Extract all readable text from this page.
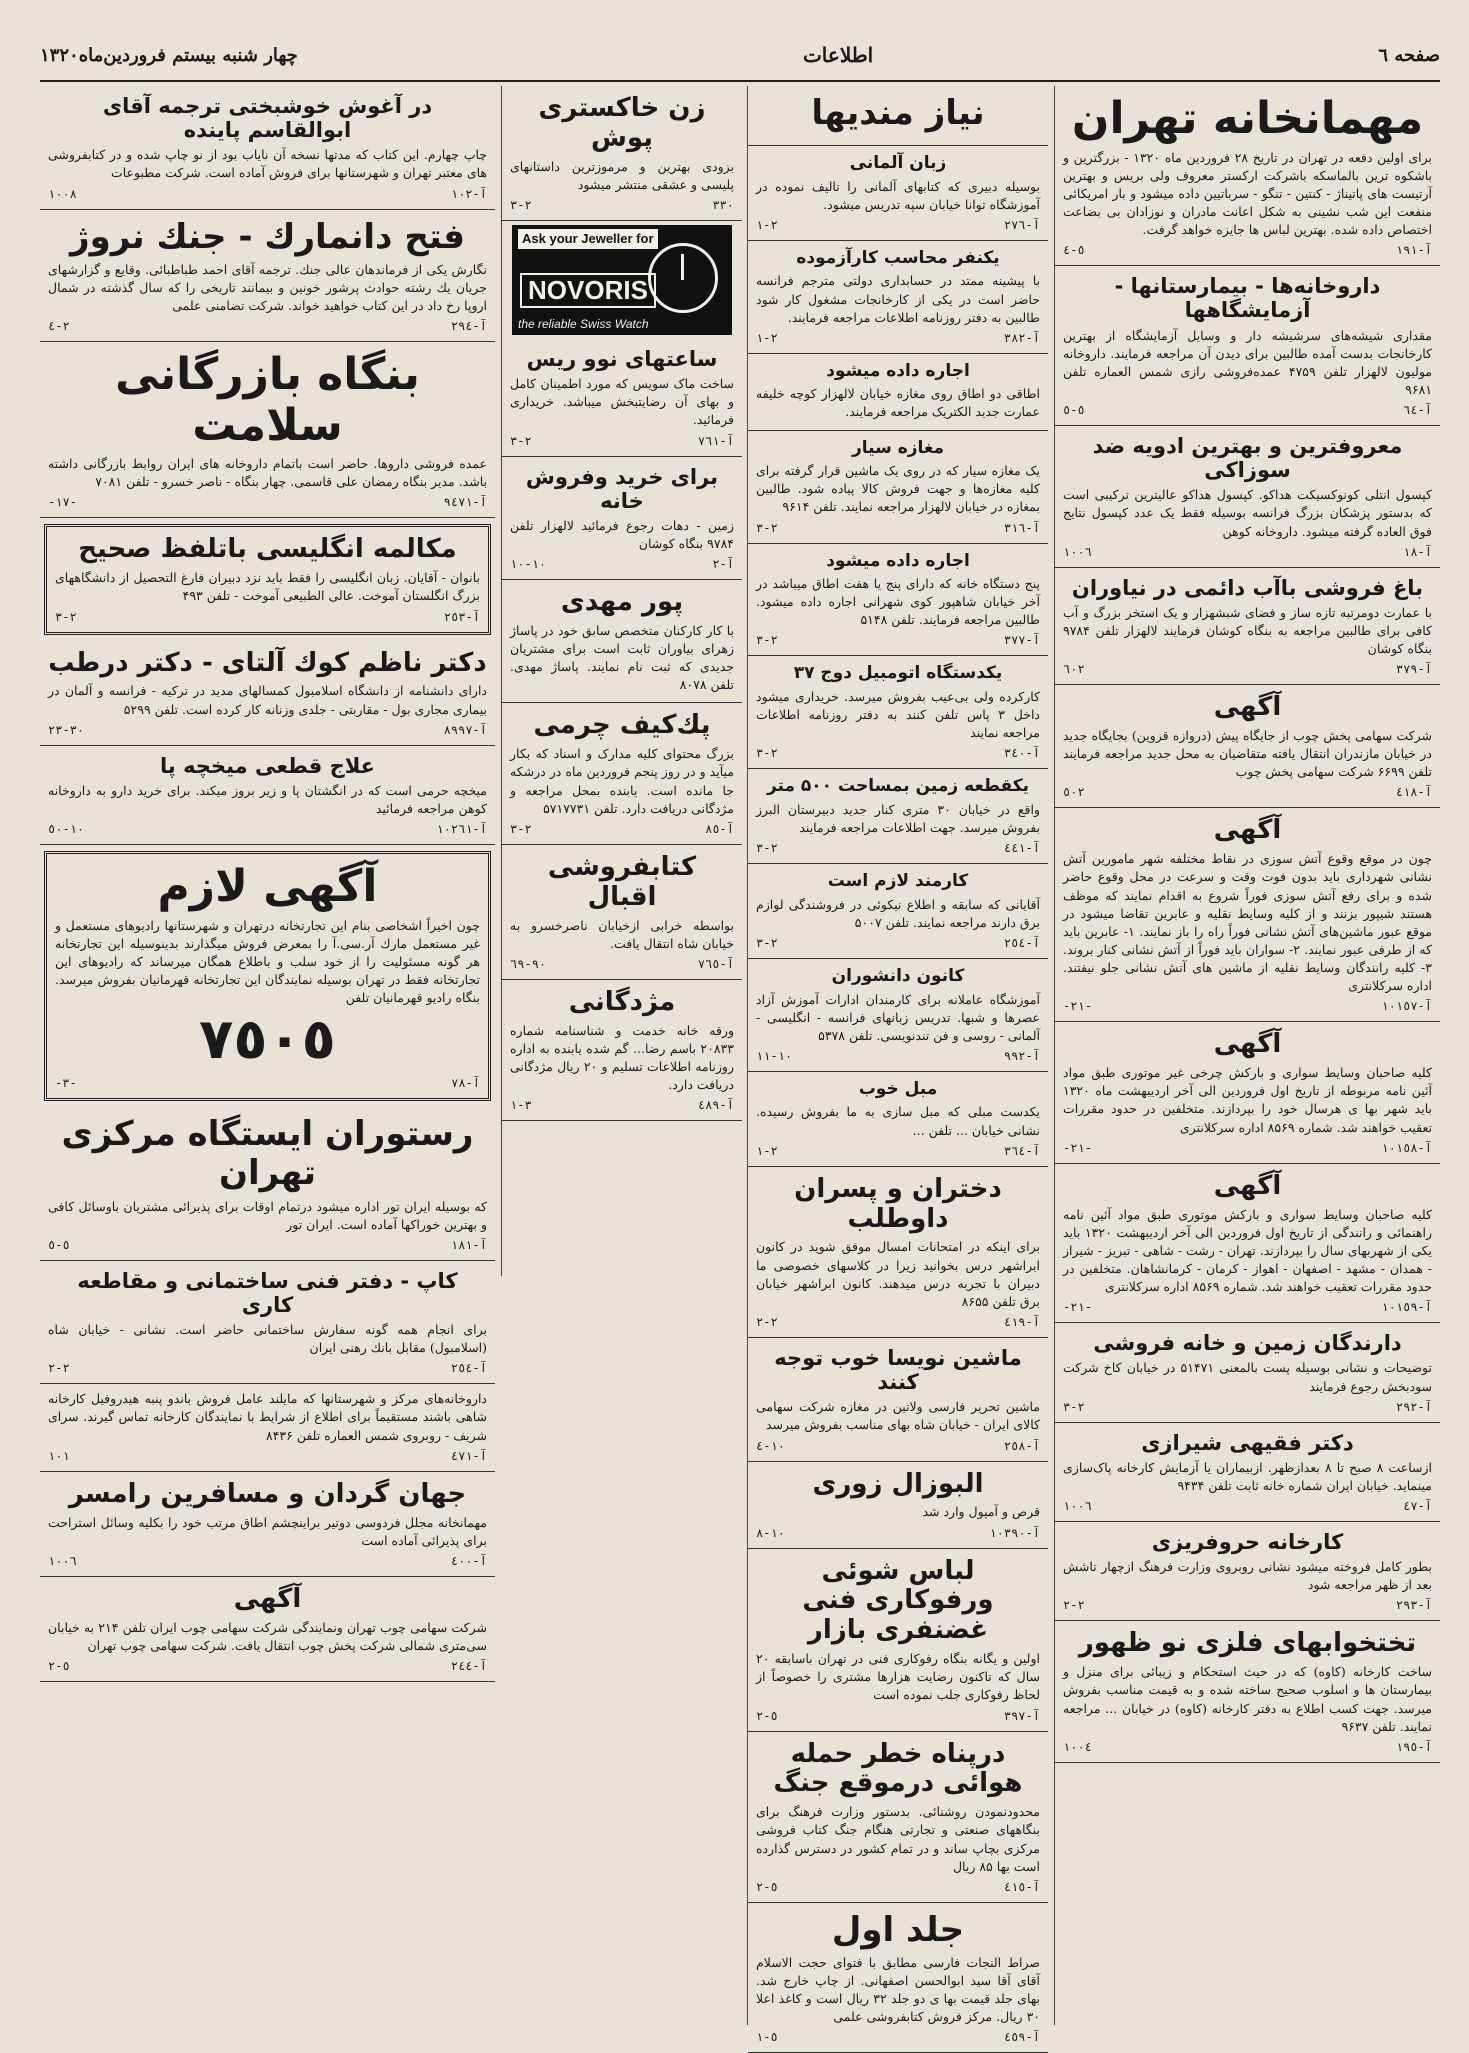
صفحه ٦
اطلاعات
چهار شنبه بیستم فروردین‌ماه۱۳۲۰
مهمانخانه تهران
برای اولین دفعه در تهران در تاریخ ۲۸ فروردین ماه ۱۳۲۰ - بزرگترین و باشکوه ترین بالماسکه باشرکت ارکستر معروف ولی بریس و بهترین آرتیست های پاتیناژ - کنتین - تنگو - سرباتیین داده میشود و بار امریکائی منفعت این شب نشینی به شکل اعانت مادران و نوزادان بی بضاعت اختصاص داده شده. بهترین لباس ها جایزه خواهد گرفت.
آ-١٩١
٥-٤
داروخانه‌ها - بیمارستانها - آزمایشگاهها
مقداری شیشه‌های سرشیشه دار و وسایل آزمایشگاه از بهترین کارخانجات بدست آمده طالبین برای دیدن آن مراجعه فرمایند. داروخانه مولیون لالهزار تلفن ۴۷۵۹ عمده‌فروشی رازی شمس العماره تلفن ۹۶۸۱
آ-٦٤
٥-٥
معروفترین و بهترین ادویه ضد سوزاکی
کپسول انتلی کونوکسیکت هداکو. کپسول هداکو عالیترین ترکیبی است که بدستور پزشکان بزرگ فرانسه بوسیله فقط یک عدد کپسول نتایج فوق العاده گرفته میشود. داروخانه کوهن
آ-١٨
١٠٠٦
باغ فروشی باآب دائمی در نیاوران
با عمارت دومرتبه تازه ساز و فضای شبشهزار و یک استخر بزرگ و آب کافی برای طالبین مراجعه به بنگاه کوشان فرمایند لالهزار تلفن ۹۷۸۴ بنگاه کوشان
آ-٣٧٩
٦٠٢
آگهی
شرکت سهامی پخش چوب از جایگاه پیش (دروازه قزوین) بجایگاه جدید در خیابان مازندران انتقال یافته متقاضیان به محل جدید مراجعه فرمایند تلفن ۶۶۹۹ شرکت سهامی پخش چوب
آ-٤١٨
٥٠٢
آگهی
چون در موقع وقوع آتش سوزی در نقاط مختلفه شهر مامورین آتش نشانی شهرداری باید بدون فوت وقت و سرعت در محل وقوع حاضر شده و برای رفع آتش سوزی فوراً شروع به اقدام نمایند که موظف هستند شیپور بزنند و از کلیه وسایط نقلیه و عابرین تقاضا میشود در موقع عبور ماشین‌های آتش نشانی فوراً راه را باز نمایند. ۱- عابرین باید که از طرفی عبور نمایند. ۲- سواران باید فوراً از آتش نشانی کنار بروند. ۳- کلیه رانندگان وسایط نقلیه از ماشین های آتش نشانی جلو نیفتند. اداره سرکلانتری
آ-١٠١٥٧
-٢١-
آگهی
کلیه صاحبان وسایط سواری و بارکش چرخی غیر موتوری طبق مواد آئین نامه مربوطه از تاریخ اول فروردین الی آخر اردیبهشت ماه ۱۳۲۰ باید شهر بها ی هرسال خود را بپردازند. متخلفین در حدود مقررات تعقیب خواهند شد. شماره ۸۵۶۹ اداره سرکلانتری
آ-١٠١٥٨
-٢١-
آگهی
کلیه صاحبان وسایط سواری و بارکش موتوری طبق مواد آئین نامه راهنمائی و رانندگی از تاریخ اول فروردین الی آخر اردیبهشت ۱۳۲۰ باید یکی از شهربهای سال را بپردازند. تهران - رشت - شاهی - تبریز - شیراز - همدان - مشهد - اصفهان - اهواز - کرمان - کرمانشاهان. متخلفین در حدود مقررات تعقیب خواهند شد. شماره ۸۵۶۹ اداره سرکلانتری
آ-١٠١٥٩
-٢١-
دارندگان زمین و خانه فروشی
توضیحات و نشانی بوسیله پست بالمعنی ۵۱۴۷۱ در خیابان کاخ شرکت سودبخش رجوع فرمایند
آ-٢٩٢
٢-٣
دکتر فقیهی شیرازی
ازساعت ۸ صبح تا ۸ بعدازظهر. ازبیماران یا آزمایش کارخانه پاک‌سازی مینماید. خیابان ایران شماره خانه ثابت تلفن ۹۴۳۴
آ-٤٧
١٠٠٦
کارخانه حروفریزی
بطور کامل فروخته میشود نشانی روبروی وزارت فرهنگ ازچهار تاشش بعد از ظهر مراجعه شود
آ-٢٩٣
٢-٢
تختخوابهای فلزی نو ظهور
ساخت کارخانه (کاوه) که در حیث استحکام و زیبائی برای منزل و بیمارستان ها و اسلوب صحیح ساخته شده و به قیمت مناسب بفروش میرسد. جهت کسب اطلاع به دفتر کارخانه (کاوه) در خیابان ... مراجعه نمایند. تلفن ۹۶۳۷
آ-١٩٥
١٠٠٤
نیاز مندیها
زبان آلمانی
بوسیله دبیری که کتابهای آلمانی را تالیف نموده در آموزشگاه توانا خیابان سپه تدریس میشود.
آ-٢٧٦
٢-١
یکنفر محاسب کارآزموده
با پیشینه ممتد در حسابداری دولتی مترجم فرانسه حاضر است در یکی از کارخانجات مشغول کار شود طالبین به دفتر روزنامه اطلاعات مراجعه فرمایند.
آ-٣٨٢
٢-١
اجاره داده میشود
اطاقی دو اطاق روی مغازه خیابان لالهزار کوچه خلیفه عمارت جدید الکتریک مراجعه فرمایند.
مغازه سیار
یک مغازه سیار که در روی یک ماشین قرار گرفته برای کلیه مغازه‌ها و جهت فروش کالا پیاده شود. طالبین بمغازه در خیابان لالهزار مراجعه نمایند. تلفن ۹۶۱۴
آ-٣١٦
٢-٣
اجاره داده میشود
پنج دستگاه خانه که دارای پنج یا هفت اطاق میباشد در آخر خیابان شاهپور کوی شهرانی اجاره داده میشود. طالبین مراجعه فرمایند. تلفن ۵۱۴۸
آ-٣٧٧
٢-٣
یکدستگاه اتومبیل دوج ۳۷
کارکرده ولی بی‌عیب بفروش میرسد. خریداری میشود داخل ۳ پاس تلفن کنند به دفتر روزنامه اطلاعات مراجعه نمایند
آ-٣٤٠
٢-٣
یکقطعه زمین بمساحت ۵۰۰ متر
واقع در خیابان ۳۰ متری کنار جدید دبیرستان البرز بفروش میرسد. جهت اطلاعات مراجعه فرمایند
آ-٤٤١
٢-٣
کارمند لازم است
آقایانی که سابقه و اطلاع نیکوئی در فروشندگی لوازم برق دارند مراجعه نمایند. تلفن ۵۰۰۷
آ-٢٥٤
٢-٣
کانون دانشوران
آموزشگاه عاملانه برای کارمندان ادارات آموزش آزاد عصرها و شبها. تدریس زبانهای فرانسه - انگلیسی - آلمانی - روسی و فن تندنویسی. تلفن ۵۳۷۸
آ-٩٩٢
١٠-١١
مبل خوب
یکدست مبلی که مبل سازی به‌ ما بفروش رسیده. نشانی خیابان ... تلفن ...
آ-٣٦٤
٢-١
دختران و پسران داوطلب
برای اینکه در امتحانات امسال موفق شوید در کانون ابراشهر درس بخوانید زیرا در کلاسهای خصوصی ما دبیران با تجربه درس میدهند. کانون ابراشهر خیابان برق تلفن ۸۶۵۵
آ-٤١٩
٢-٢
ماشین نویسا خوب توجه کنند
ماشین تحریر فارسی ولاتین در مغازه شرکت سهامی کالای ایران - خیابان شاه بهای مناسب بفروش میرسد
آ-٢٥٨
١٠-٤
البوزال زوری
قرص و آمپول وارد شد
آ-١٠٣٩٠
١٠-٨
لباس شوئی ورفوکاری فنی غضنفری بازار
اولین و یگانه بنگاه رفوکاری فنی در تهران باسابقه ۲۰ سال که تاکنون رضایت هزارها مشتری را خصوصاً از لحاظ رفوکاری جلب نموده است
آ-٣٩٧
٥-٢
درپناه خطر حمله هوائی درموقع جنگ
محدودنمودن روشنائی. بدستور وزارت فرهنگ برای بنگاههای صنعتی و تجارتی هنگام جنگ کتاب فروشی مرکزی بچاپ ساند و در تمام کشور در دسترس گذارده است بها ۸۵ ریال
آ-٤١٥
٥-٢
جلد اول
صراط النجات فارسی مطابق با فتوای حجت الاسلام آقای آقا سید ابوالحسن اصفهانی. از چاپ خارج شد. بهای جلد قیمت بها ی دو جلد ۳۲ ریال است و کاغذ اعلا ۳۰ ریال. مرکز فروش کتابفروشی علمی
آ-٤٥٩
٥-١
زن خاکستری پوش
بزودی بهترین و مرموزترین داستانهای پلیسی و عشقی منتشر میشود
٣٣٠
٢-٣
Ask your Jeweller for
NOVORIS
the reliable Swiss Watch
ساعتهای نوو ریس
ساخت ماک سویس که مورد اطمینان کامل و بهای آن رضایتبخش میباشد. خریداری فرمائید.
آ-٧٦١
٢-٣
برای خرید وفروش خانه
زمین - دهات رجوع فرمائید لالهزار تلفن ۹۷۸۴ بنگاه کوشان
آ-٢
١٠-١٠
پور مهدی
با کار کارکنان متخصص سابق خود در پاساژ زهرای بیاوران ثابت است برای مشتریان جدیدی که ثبت نام نمایند. پاساژ مهدی. تلفن ۸۰۷۸
پك‌كیف چرمی
بزرگ محتوای کلیه مدارک و اسناد که بکار میآید و در روز پنجم فروردین ماه در درشکه جا مانده است. یابنده بمحل مراجعه و مژدگانی دریافت دارد. تلفن ۵۷۱۷۷۳۱
آ-٨٥
٢-٣
کتابفروشی اقبال
بواسطه خرابی ازخیابان ناصرخسرو به خیابان شاه انتقال یافت.
آ-٧٦٥
٩٠-٦٩
مژدگانی
ورقه خانه خدمت و شناسنامه شماره ۲۰۸۳۳ باسم رضا... گم شده یابنده به اداره روزنامه اطلاعات تسلیم و ۲۰ ریال مژدگانی دریافت دارد.
آ-٤٨٩
٣-١
در آغوش خوشبختی ترجمه آقای ابوالقاسم پاینده
چاپ چهارم. این کتاب که مدتها نسخه آن نایاب بود از نو چاپ شده و در کتابفروشی های معتبر تهران و شهرستانها برای فروش آماده است. شرکت مطبوعات
آ-١٠٢
١٠٠٨
فتح دانمارك - جنك نروژ
نگارش یکی از فرماندهان عالی جنك. ترجمه آقای احمد طباطبائی. وقایع و گزارشهای جریان یك رشته حوادث پرشور خونین و بیمانند تاریخی را که سال گذشته در شمال اروپا رخ داد در این کتاب خواهید خواند. شرکت تضامنی علمی
آ-٢٩٤
٢-٤
بنگاه بازرگانی سلامت
عمده فروشی داروها. حاضر است باتمام داروخانه های ایران روابط بازرگانی داشته باشد. مدیر بنگاه رمضان علی قاسمی. چهار بنگاه - ناصر خسرو - تلفن ۷۰۸۱
آ-٩٤٧١
-١٧-
مکالمه انگلیسی باتلفظ صحیح
بانوان - آقایان. زبان انگلیسی را فقط باید نزد دبیران فارغ التحصیل از دانشگاههای بزرگ انگلستان آموخت. عالی الطبیعی آموخت - تلفن ۴۹۳
آ-٢٥٣
٢-٣
دکتر ناظم کوك آلتای - دکتر درطب
دارای دانشنامه از دانشگاه اسلامبول کمسالهای مدید در ترکیه - فرانسه و آلمان در بیماری مجاری بول - مقاربتی - جلدی وزنانه کار کرده است. تلفن ۵۲۹۹
آ-٨٩٩٧
٣٠-٢٣
علاج قطعی میخچه پا
میخچه حرمی است که در انگشتان پا و زیر بروز میکند. برای خرید دارو به داروخانه کوهن مراجعه فرمائید
آ-١٠٢٦١
١٠-٥٠
آگهی لازم
چون اخیراً اشخاصی بنام این تجارتخانه درتهران و شهرستانها رادیوهای مستعمل و غیر مستعمل مارك آر.سی.آ را بمعرض فروش میگذارند بدینوسیله این تجارتخانه هر گونه مسئولیت را از خود سلب و باطلاع همگان میرساند که رادیوهای این تجارتخانه فقط در تهران بوسیله نمایندگان این تجارتخانه قهرمانیان بفروش میرسد. بنگاه رادیو قهرمانیان تلفن
٧٥٠٥
آ-٧٨
-٣-
رستوران ایستگاه مرکزی تهران
که بوسیله ایران تور اداره میشود درتمام اوقات برای پذیرائی مشتریان باوسائل کافی و بهترین خوراکها آماده است. ایران تور
آ-١٨١
٥-٥
کاپ - دفتر فنی ساختمانی و مقاطعه کاری
برای انجام همه گونه سفارش ساختمانی حاضر است. نشانی - خیابان شاه (اسلامبول) مقابل بانك رهنی ایران
آ-٢٥٤
٢-٢
داروخانه‌های مرکز و شهرستانها که مایلند عامل فروش باندو پنبه هیدروفیل کارخانه شاهی باشند مستقیماً برای اطلاع از شرایط با نمایندگان کارخانه تماس گیرند. سرای شریف - روبروی شمس العماره تلفن ۸۴۳۶
آ-٤٧١
١٠١
جهان گردان و مسافرین رامسر
مهمانخانه مجلل فردوسی دوتیر براینچشم اطاق مرتب خود را بکلیه وسائل استراحت برای پذیرائی آماده است
آ-٤٠٠
١٠٠٦
آگهی
شرکت سهامی چوب تهران ونمایندگی شرکت سهامی چوب ایران تلفن ۲۱۴ به خیابان سی‌متری شمالی شرکت پخش چوب انتقال یافت. شرکت سهامی چوب تهران
آ-٢٤٤
٥-٢
